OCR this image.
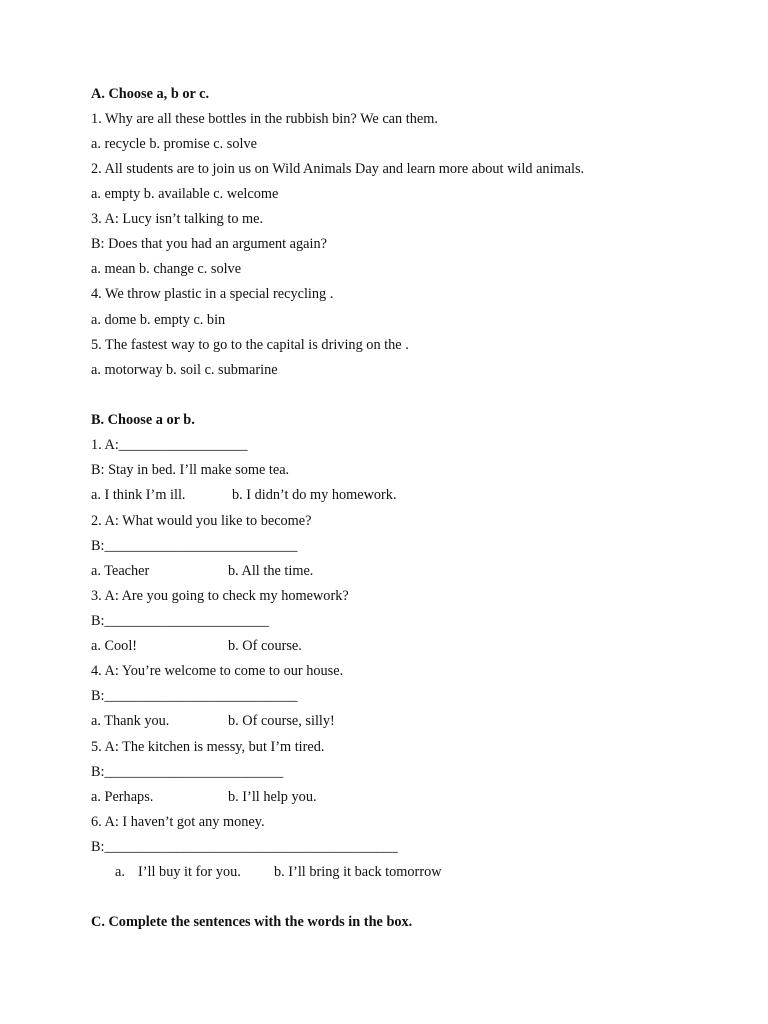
A. Choose a, b or c.
1. Why are all these bottles in the rubbish bin? We can them.
a. recycle b. promise c. solve
2. All students are to join us on Wild Animals Day and learn more about wild animals.
a. empty b. available c. welcome
3. A: Lucy isn’t talking to me.
B: Does that you had an argument again?
a. mean b. change c. solve
4. We throw plastic in a special recycling .
a. dome b. empty c. bin
5. The fastest way to go to the capital is driving on the .
a. motorway b. soil c. submarine
B. Choose a or b.
1. A:__________________
B: Stay in bed. I’ll make some tea.
a. I think I’m ill.	b. I didn’t do my homework.
2. A: What would you like to become?
B:___________________________
a. Teacher	b. All the time.
3. A: Are you going to check my homework?
B:_______________________
a. Cool!	b. Of course.
4. A: You’re welcome to come to our house.
B:___________________________
a. Thank you.	b. Of course, silly!
5. A: The kitchen is messy, but I’m tired.
B:_________________________
a. Perhaps.	b. I’ll help you.
6. A: I haven’t got any money.
B:_________________________________________
a. I’ll buy it for you. b. I’ll bring it back tomorrow
C. Complete the sentences with the words in the box.
